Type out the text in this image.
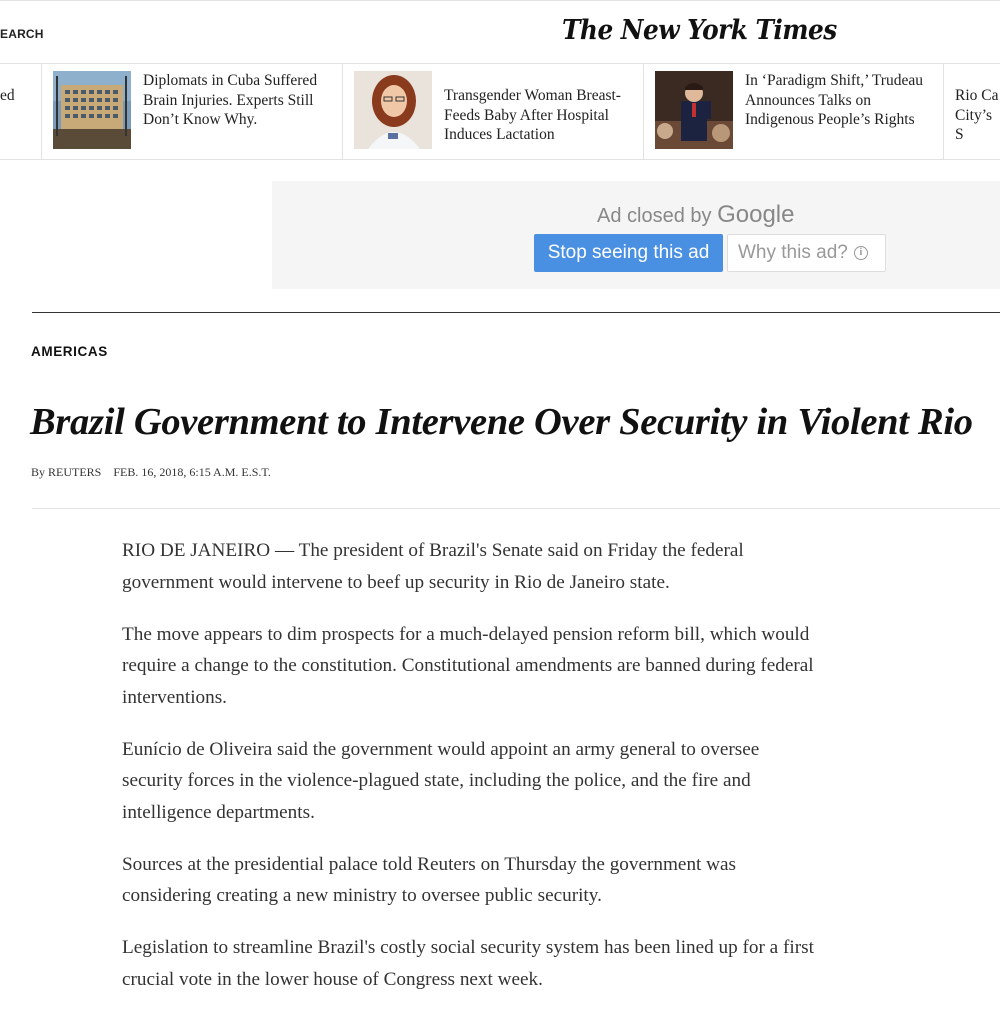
EARCH	The New York Times
ed
Diplomats in Cuba Suffered Brain Injuries. Experts Still Don’t Know Why.
Transgender Woman Breast-Feeds Baby After Hospital Induces Lactation
In ‘Paradigm Shift,’ Trudeau Announces Talks on Indigenous People’s Rights
Rio Ca City’s S
Ad closed by Google
Stop seeing this ad	Why this ad? i
AMERICAS
Brazil Government to Intervene Over Security in Violent Rio
By REUTERS FEB. 16, 2018, 6:15 A.M. E.S.T.

RIO DE JANEIRO — The president of Brazil's Senate said on Friday the federal government would intervene to beef up security in Rio de Janeiro state.

The move appears to dim prospects for a much-delayed pension reform bill, which would require a change to the constitution. Constitutional amendments are banned during federal interventions.

Eunício de Oliveira said the government would appoint an army general to oversee security forces in the violence-plagued state, including the police, and the fire and intelligence departments.

Sources at the presidential palace told Reuters on Thursday the government was considering creating a new ministry to oversee public security.

Legislation to streamline Brazil's costly social security system has been lined up for a first crucial vote in the lower house of Congress next week.
